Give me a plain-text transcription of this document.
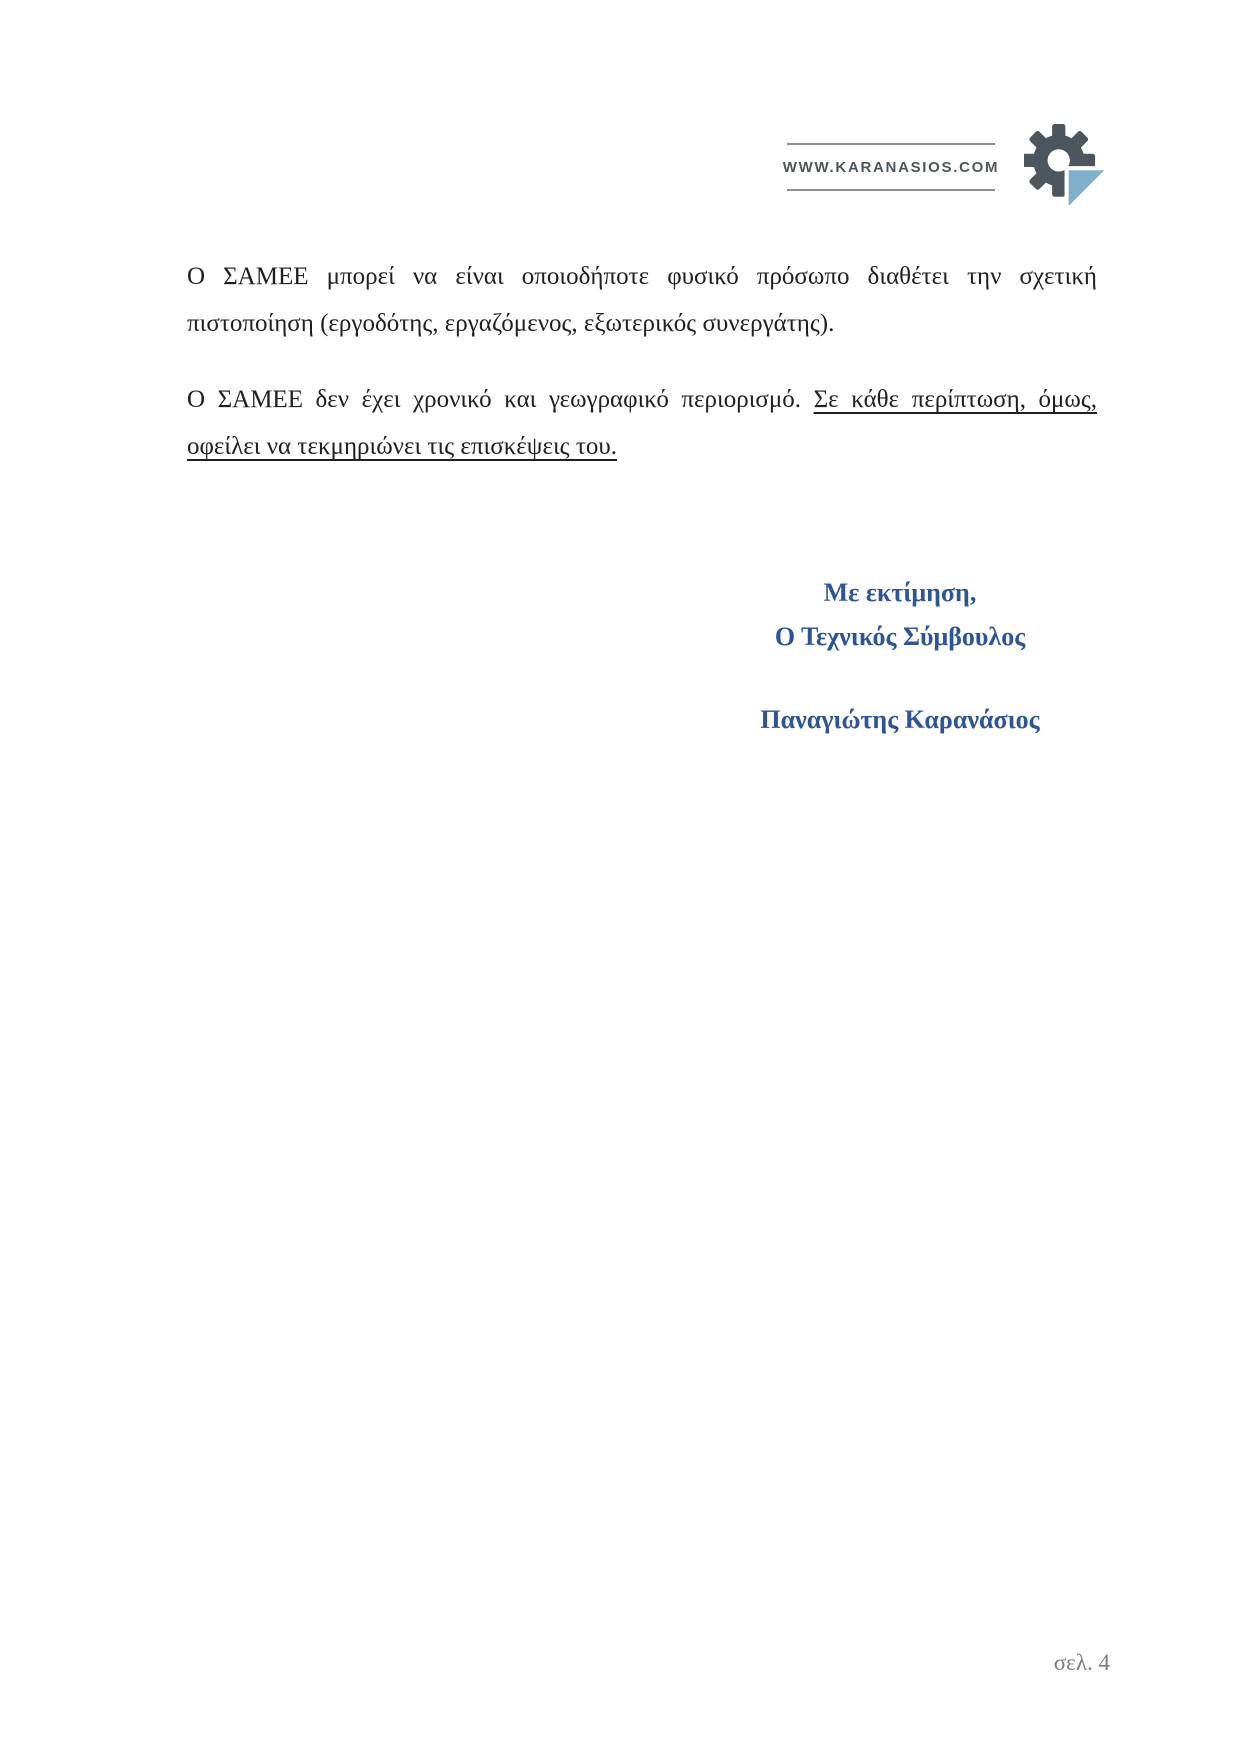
WWW.KARANASIOS.COM

Ο ΣΑΜΕΕ μπορεί να είναι οποιοδήποτε φυσικό πρόσωπο διαθέτει την σχετική πιστοποίηση (εργοδότης, εργαζόμενος, εξωτερικός συνεργάτης).

Ο ΣΑΜΕΕ δεν έχει χρονικό και γεωγραφικό περιορισμό. Σε κάθε περίπτωση, όμως, οφείλει να τεκμηριώνει τις επισκέψεις του.

Με εκτίμηση,
Ο Τεχνικός Σύμβουλος
Παναγιώτης Καρανάσιος
σελ. 4
